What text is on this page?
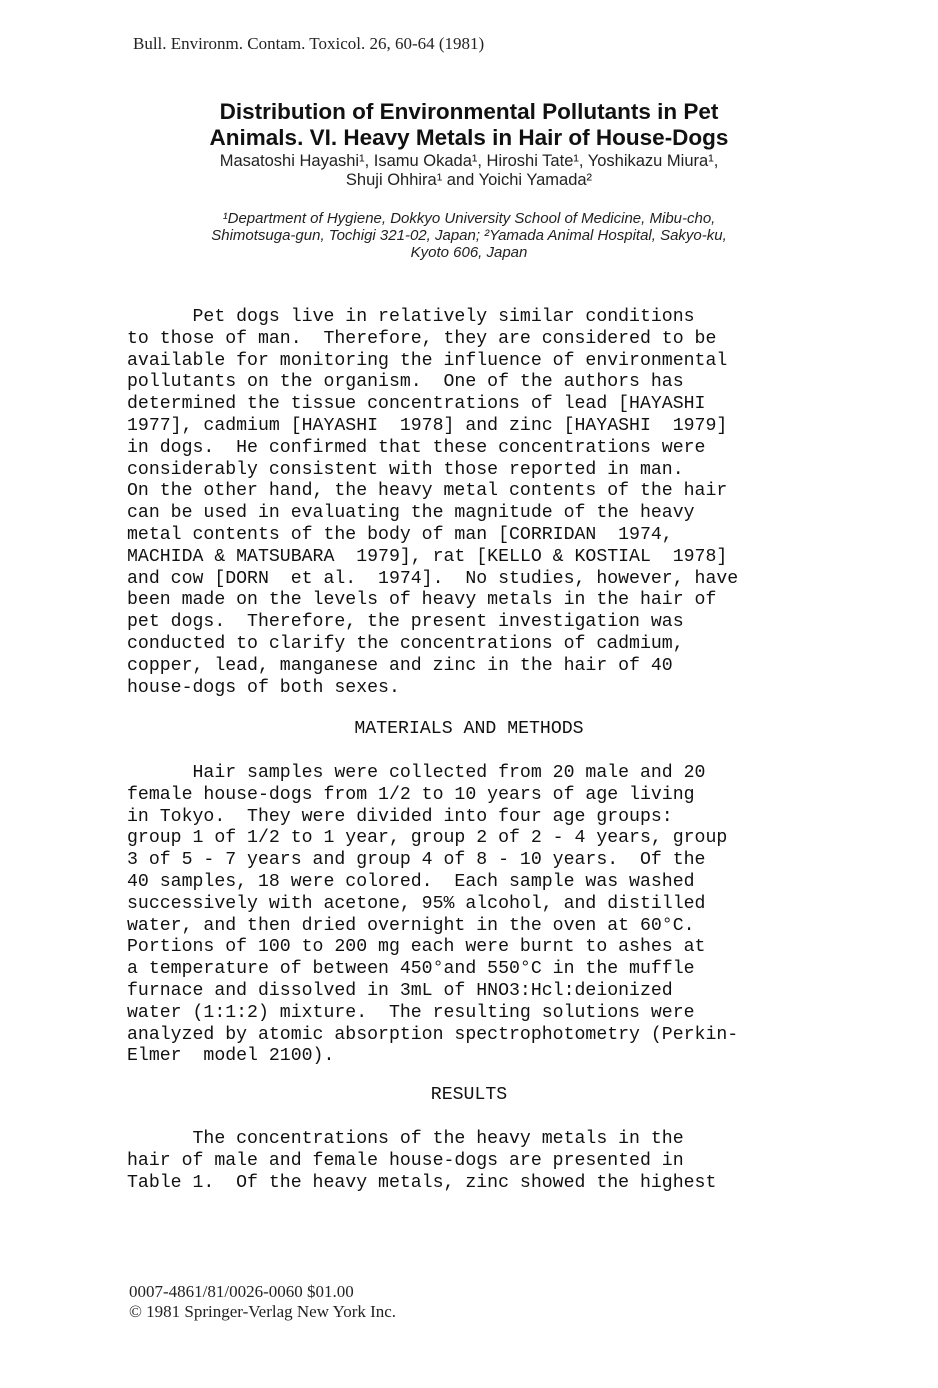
Bull. Environm. Contam. Toxicol. 26, 60-64 (1981)
Distribution of Environmental Pollutants in Pet
Animals. VI. Heavy Metals in Hair of House-Dogs
Masatoshi Hayashi¹, Isamu Okada¹, Hiroshi Tate¹, Yoshikazu Miura¹,
Shuji Ohhira¹ and Yoichi Yamada²
¹Department of Hygiene, Dokkyo University School of Medicine, Mibu-cho,
Shimotsuga-gun, Tochigi 321-02, Japan; ²Yamada Animal Hospital, Sakyo-ku,
Kyoto 606, Japan
Pet dogs live in relatively similar conditions
to those of man.  Therefore, they are considered to be
available for monitoring the influence of environmental
pollutants on the organism.  One of the authors has
determined the tissue concentrations of lead [HAYASHI
1977], cadmium [HAYASHI  1978] and zinc [HAYASHI  1979]
in dogs.  He confirmed that these concentrations were
considerably consistent with those reported in man.
On the other hand, the heavy metal contents of the hair
can be used in evaluating the magnitude of the heavy
metal contents of the body of man [CORRIDAN  1974,
MACHIDA & MATSUBARA  1979], rat [KELLO & KOSTIAL  1978]
and cow [DORN  et al.  1974].  No studies, however, have
been made on the levels of heavy metals in the hair of
pet dogs.  Therefore, the present investigation was
conducted to clarify the concentrations of cadmium,
copper, lead, manganese and zinc in the hair of 40
house-dogs of both sexes.
MATERIALS AND METHODS
Hair samples were collected from 20 male and 20
female house-dogs from 1/2 to 10 years of age living
in Tokyo.  They were divided into four age groups:
group 1 of 1/2 to 1 year, group 2 of 2 - 4 years, group
3 of 5 - 7 years and group 4 of 8 - 10 years.  Of the
40 samples, 18 were colored.  Each sample was washed
successively with acetone, 95% alcohol, and distilled
water, and then dried overnight in the oven at 60°C.
Portions of 100 to 200 mg each were burnt to ashes at
a temperature of between 450°and 550°C in the muffle
furnace and dissolved in 3mL of HNO3:Hcl:deionized
water (1:1:2) mixture.  The resulting solutions were
analyzed by atomic absorption spectrophotometry (Perkin-
Elmer  model 2100).
RESULTS
The concentrations of the heavy metals in the
hair of male and female house-dogs are presented in
Table 1.  Of the heavy metals, zinc showed the highest
0007-4861/81/0026-0060 $01.00
© 1981 Springer-Verlag New York Inc.
